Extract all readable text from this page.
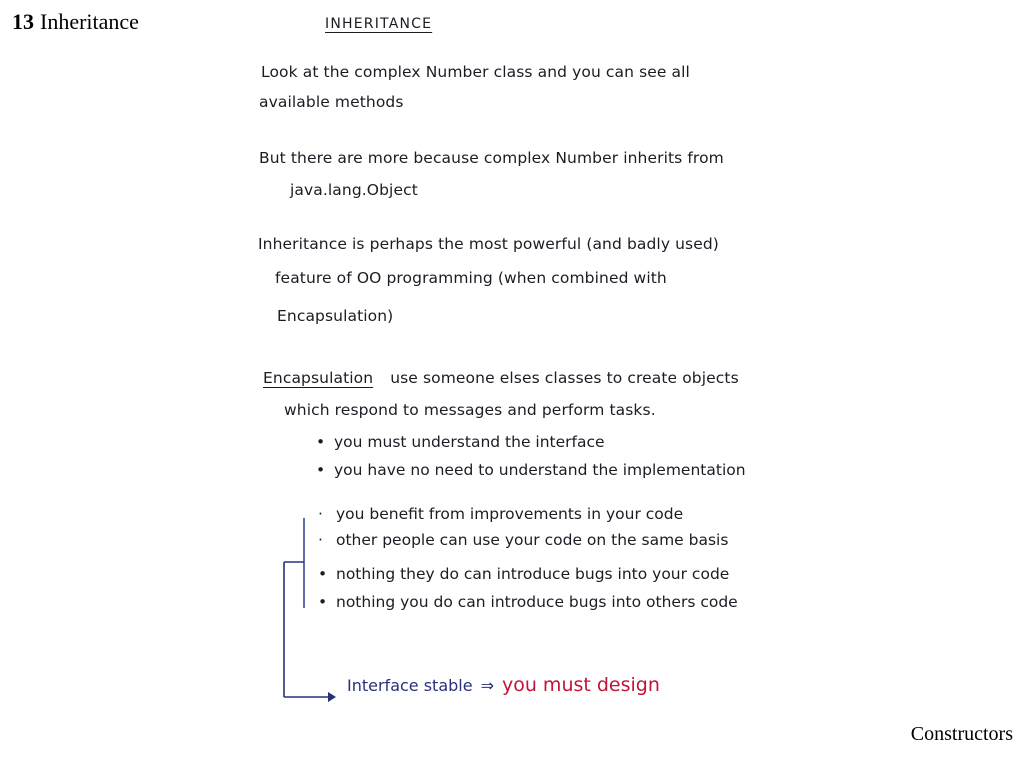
13 Inheritance	INHERITANCE
Look at the complex Number class and you can see all
available methods
But there are more because complex Number inherits from
java.lang.Object
Inheritance is perhaps the most powerful (and badly used)
feature of OO programming (when combined with
Encapsulation)
Encapsulation use someone elses classes to create objects
which respond to messages and perform tasks.
• you must understand the interface
• you have no need to understand the implementation
· you benefit from improvements in your code
· other people can use your code on the same basis
• nothing they do can introduce bugs into your code
• nothing you do can introduce bugs into others code
Interface stable ⇒ you must design
Constructors
